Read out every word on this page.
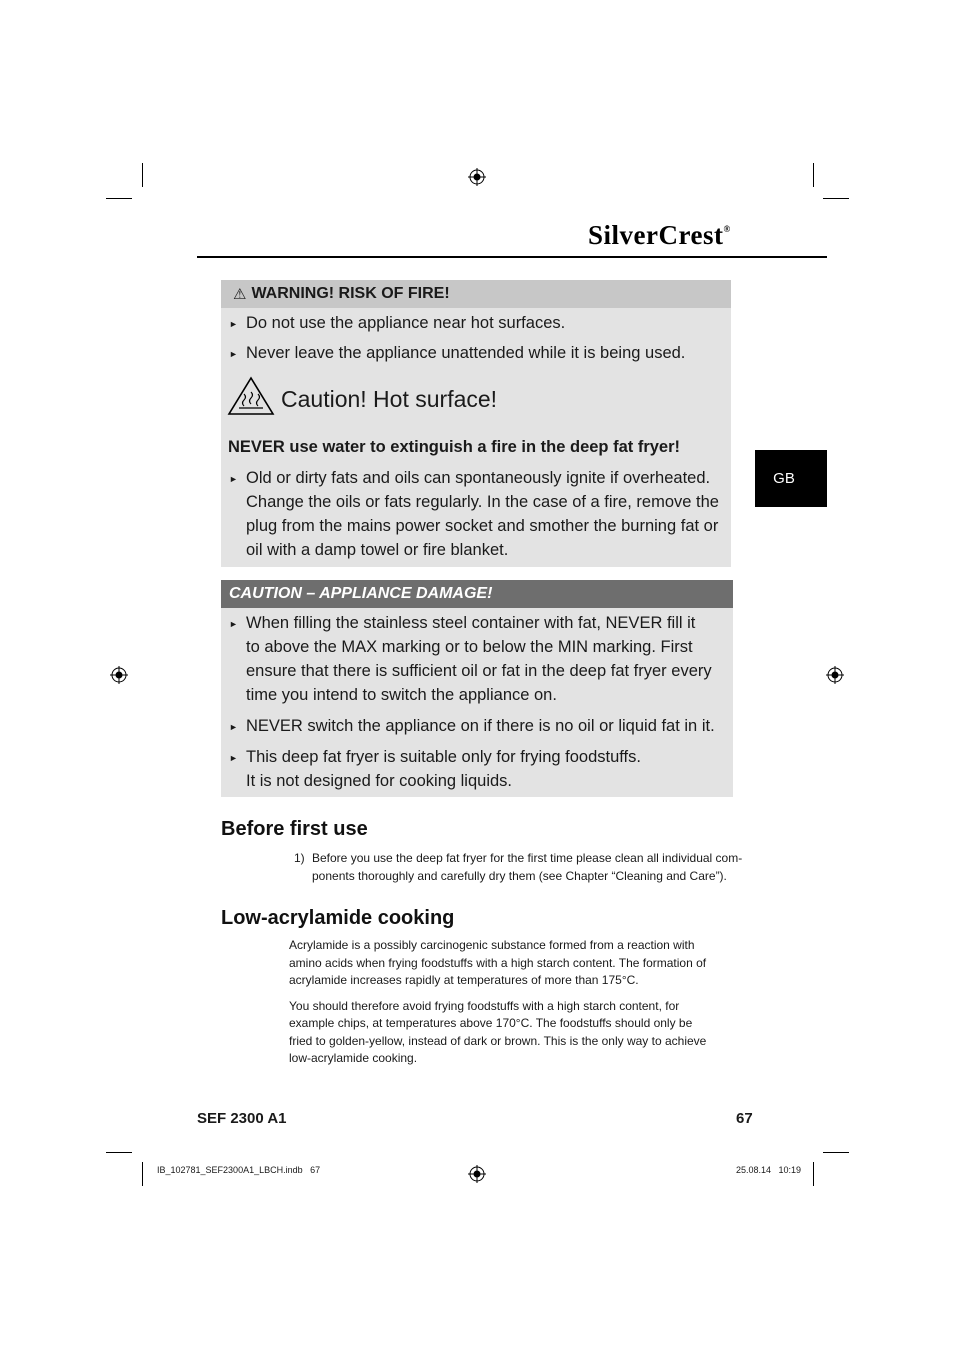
SilverCrest®
GB
⚠ WARNING! RISK OF FIRE!
► Do not use the appliance near hot surfaces.
► Never leave the appliance unattended while it is being used.
Caution! Hot surface!
NEVER use water to extinguish a fire in the deep fat fryer!
► Old or dirty fats and oils can spontaneously ignite if overheated.
Change the oils or fats regularly. In the case of a fire, remove the
plug from the mains power socket and smother the burning fat or
oil with a damp towel or fire blanket.
CAUTION – APPLIANCE DAMAGE!
► When filling the stainless steel container with fat, NEVER fill it
to above the MAX marking or to below the MIN marking. First
ensure that there is sufficient oil or fat in the deep fat fryer every
time you intend to switch the appliance on.
► NEVER switch the appliance on if there is no oil or liquid fat in it.
► This deep fat fryer is suitable only for frying foodstuffs.
It is not designed for cooking liquids.
Before first use
1) Before you use the deep fat fryer for the first time please clean all individual com-
ponents thoroughly and carefully dry them (see Chapter “Cleaning and Care”).
Low-acrylamide cooking

Acrylamide is a possibly carcinogenic substance formed from a reaction with
amino acids when frying foodstuffs with a high starch content. The formation of
acrylamide increases rapidly at temperatures of more than 175°C.

You should therefore avoid frying foodstuffs with a high starch content, for
example chips, at temperatures above 170°C. The foodstuffs should only be
fried to golden-yellow, instead of dark or brown. This is the only way to achieve
low-acrylamide cooking.

SEF 2300 A1	67
IB_102781_SEF2300A1_LBCH.indb   67	25.08.14   10:19
